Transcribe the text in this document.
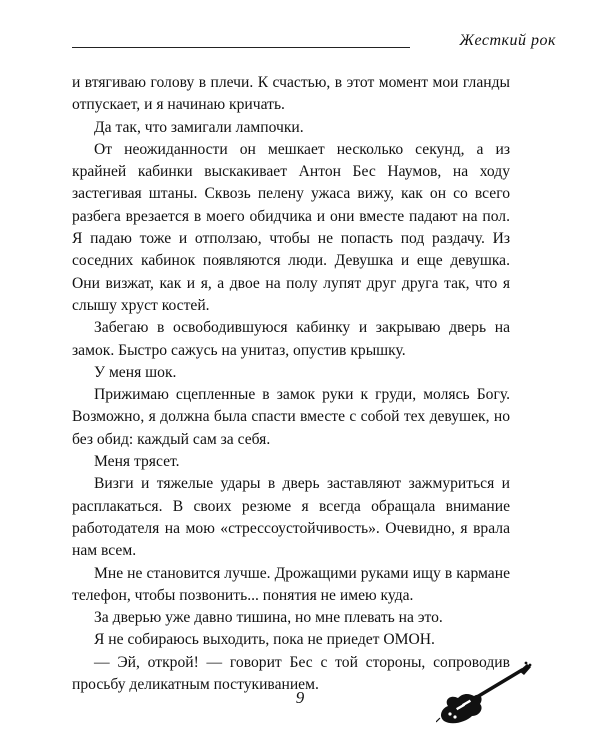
Жесткий рок

и втягиваю голову в плечи. К счастью, в этот момент мои гланды отпускает, и я начинаю кричать.

Да так, что замигали лампочки.

От неожиданности он мешкает несколько секунд, а из крайней кабинки выскакивает Антон Бес Наумов, на ходу застегивая штаны. Сквозь пелену ужаса вижу, как он со всего разбега врезается в моего обидчика и они вместе падают на пол. Я падаю тоже и отползаю, чтобы не попасть под раздачу. Из соседних кабинок появляются люди. Девушка и еще девушка. Они визжат, как и я, а двое на полу лупят друг друга так, что я слышу хруст костей.

Забегаю в освободившуюся кабинку и закрываю дверь на замок. Быстро сажусь на унитаз, опустив крышку.

У меня шок.

Прижимаю сцепленные в замок руки к груди, молясь Богу. Возможно, я должна была спасти вместе с собой тех девушек, но без обид: каждый сам за себя.

Меня трясет.

Визги и тяжелые удары в дверь заставляют зажмуриться и расплакаться. В своих резюме я всегда обращала внимание работодателя на мою «стрессоустойчивость». Очевидно, я врала нам всем.

Мне не становится лучше. Дрожащими руками ищу в кармане телефон, чтобы позвонить... понятия не имею куда.

За дверью уже давно тишина, но мне плевать на это.

Я не собираюсь выходить, пока не приедет ОМОН.

— Эй, открой! — говорит Бес с той стороны, сопроводив просьбу деликатным постукиванием.

9
